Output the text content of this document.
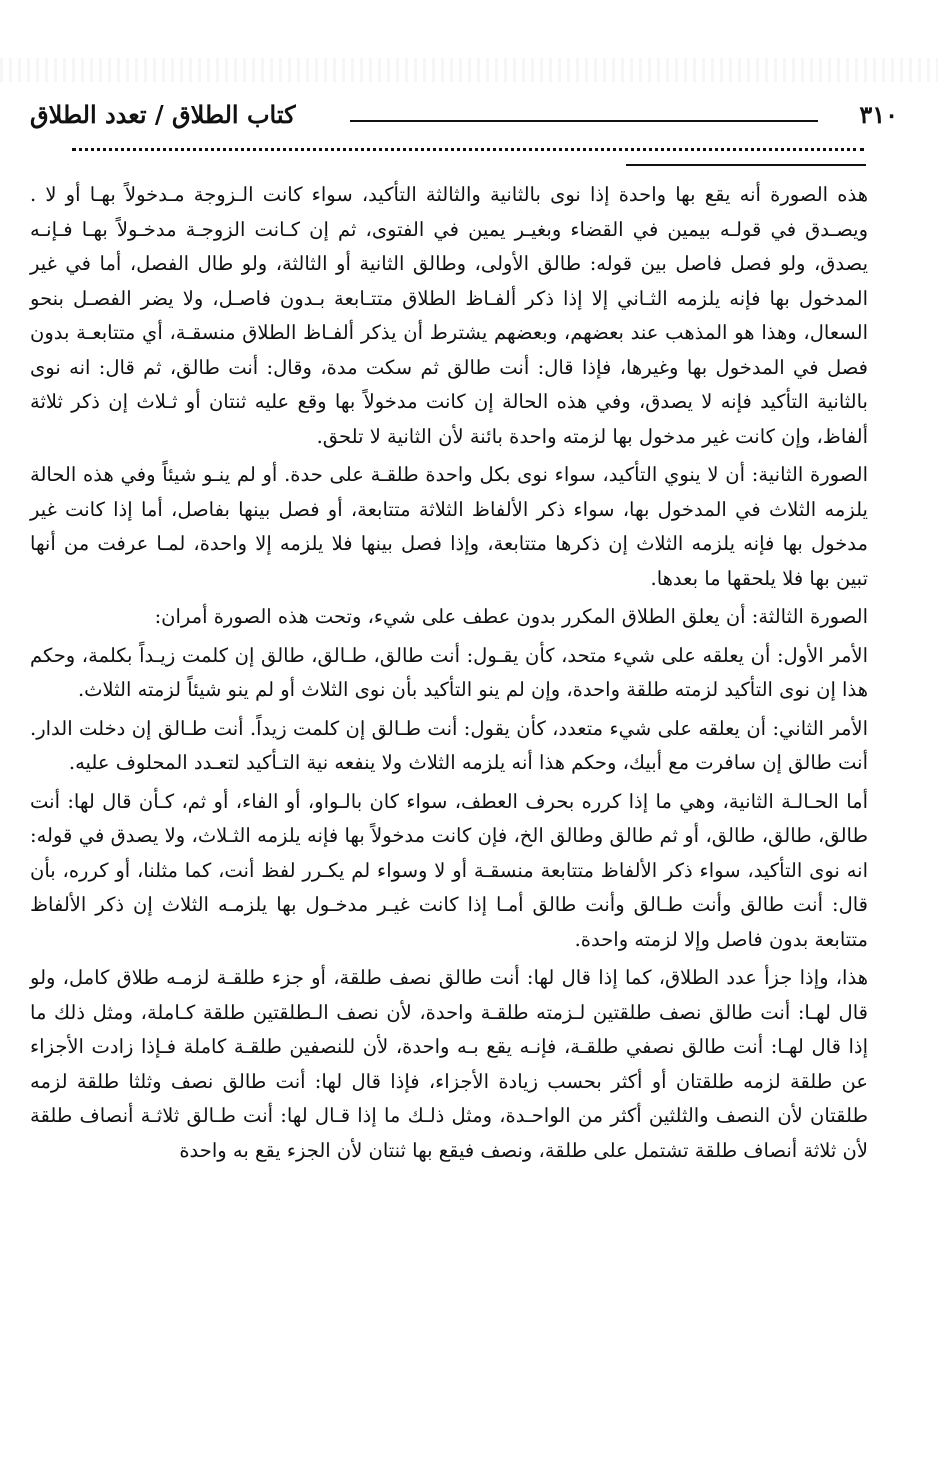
٣١٠
كتاب الطلاق / تعدد الطلاق

هذه الصورة أنه يقع بها واحدة إذا نوى بالثانية والثالثة التأكيد، سواء كانت الـزوجة مـدخولاً بهـا أو لا . ويصـدق في قولـه بيمين في القضاء وبغيـر يمين في الفتوى، ثم إن كـانت الزوجـة مدخـولاً بهـا فـإنـه يصدق، ولو فصل فاصل بين قوله: طالق الأولى، وطالق الثانية أو الثالثة، ولو طال الفصل، أما في غير المدخول بها فإنه يلزمه الثـاني إلا إذا ذكر ألفـاظ الطلاق متتـابعة بـدون فاصـل، ولا يضر الفصـل بنحو السعال، وهذا هو المذهب عند بعضهم، وبعضهم يشترط أن يذكر ألفـاظ الطلاق منسقـة، أي متتابعـة بدون فصل في المدخول بها وغيرها، فإذا قال: أنت طالق ثم سكت مدة، وقال: أنت طالق، ثم قال: انه نوى بالثانية التأكيد فإنه لا يصدق، وفي هذه الحالة إن كانت مدخولاً بها وقع عليه ثنتان أو ثـلاث إن ذكر ثلاثة ألفاظ، وإن كانت غير مدخول بها لزمته واحدة بائنة لأن الثانية لا تلحق.

الصورة الثانية: أن لا ينوي التأكيد، سواء نوى بكل واحدة طلقـة على حدة. أو لم ينـو شيئاً وفي هذه الحالة يلزمه الثلاث في المدخول بها، سواء ذكر الألفاظ الثلاثة متتابعة، أو فصل بينها بفاصل، أما إذا كانت غير مدخول بها فإنه يلزمه الثلاث إن ذكرها متتابعة، وإذا فصل بينها فلا يلزمه إلا واحدة، لمـا عرفت من أنها تبين بها فلا يلحقها ما بعدها.

الصورة الثالثة: أن يعلق الطلاق المكرر بدون عطف على شيء، وتحت هذه الصورة أمران:

الأمر الأول: أن يعلقه على شيء متحد، كأن يقـول: أنت طالق، طـالق، طالق إن كلمت زيـداً بكلمة، وحكم هذا إن نوى التأكيد لزمته طلقة واحدة، وإن لم ينو التأكيد بأن نوى الثلاث أو لم ينو شيئاً لزمته الثلاث.

الأمر الثاني: أن يعلقه على شيء متعدد، كأن يقول: أنت طـالق إن كلمت زيداً. أنت طـالق إن دخلت الدار. أنت طالق إن سافرت مع أبيك، وحكم هذا أنه يلزمه الثلاث ولا ينفعه نية التـأكيد لتعـدد المحلوف عليه.

أما الحـالـة الثانية، وهي ما إذا كرره بحرف العطف، سواء كان بالـواو، أو الفاء، أو ثم، كـأن قال لها: أنت طالق، طالق، طالق، أو ثم طالق وطالق الخ، فإن كانت مدخولاً بها فإنه يلزمه الثـلاث، ولا يصدق في قوله: انه نوى التأكيد، سواء ذكر الألفاظ متتابعة منسقـة أو لا وسواء لم يكـرر لفظ أنت، كما مثلنا، أو كرره، بأن قال: أنت طالق وأنت طـالق وأنت طالق أمـا إذا كانت غيـر مدخـول بها يلزمـه الثلاث إن ذكر الألفاظ متتابعة بدون فاصل وإلا لزمته واحدة.

هذا، وإذا جزأ عدد الطلاق، كما إذا قال لها: أنت طالق نصف طلقة، أو جزء طلقـة لزمـه طلاق كامل، ولو قال لهـا: أنت طالق نصف طلقتين لـزمته طلقـة واحدة، لأن نصف الـطلقتين طلقة كـاملة، ومثل ذلك ما إذا قال لهـا: أنت طالق نصفي طلقـة، فإنـه يقع بـه واحدة، لأن للنصفين طلقـة كاملة فـإذا زادت الأجزاء عن طلقة لزمه طلقتان أو أكثر بحسب زيادة الأجزاء، فإذا قال لها: أنت طالق نصف وثلثا طلقة لزمه طلقتان لأن النصف والثلثين أكثر من الواحـدة، ومثل ذلـك ما إذا قـال لها: أنت طـالق ثلاثـة أنصاف طلقة لأن ثلاثة أنصاف طلقة تشتمل على طلقة، ونصف فيقع بها ثنتان لأن الجزء يقع به واحدة
